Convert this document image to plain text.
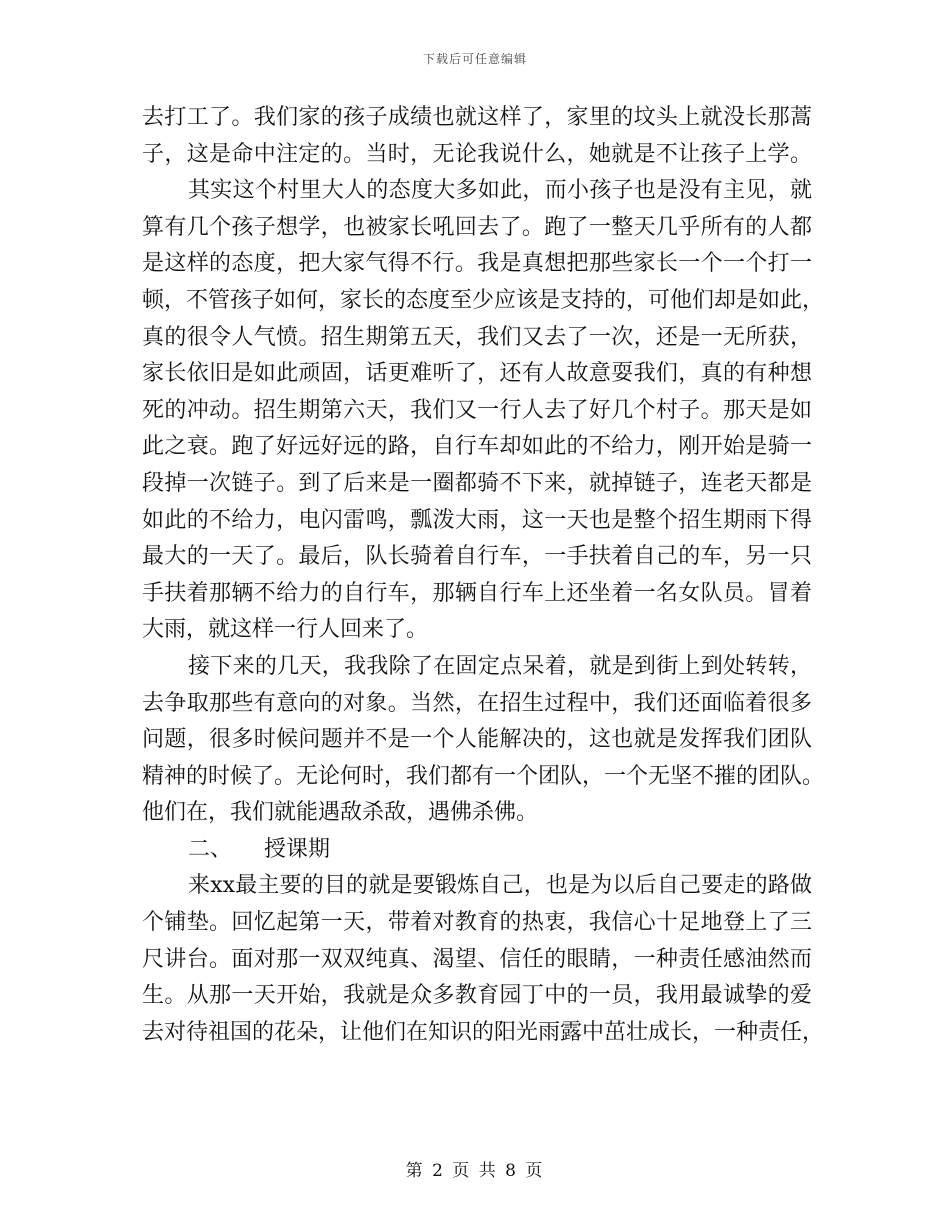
下载后可任意编辑
去打工了。我们家的孩子成绩也就这样了，家里的坟头上就没长那蒿
子，这是命中注定的。当时，无论我说什么，她就是不让孩子上学。
其实这个村里大人的态度大多如此，而小孩子也是没有主见，就
算有几个孩子想学，也被家长吼回去了。跑了一整天几乎所有的人都
是这样的态度，把大家气得不行。我是真想把那些家长一个一个打一
顿，不管孩子如何，家长的态度至少应该是支持的，可他们却是如此，
真的很令人气愤。招生期第五天，我们又去了一次，还是一无所获，
家长依旧是如此顽固，话更难听了，还有人故意耍我们，真的有种想
死的冲动。招生期第六天，我们又一行人去了好几个村子。那天是如
此之衰。跑了好远好远的路，自行车却如此的不给力，刚开始是骑一
段掉一次链子。到了后来是一圈都骑不下来，就掉链子，连老天都是
如此的不给力，电闪雷鸣，瓢泼大雨，这一天也是整个招生期雨下得
最大的一天了。最后，队长骑着自行车，一手扶着自己的车，另一只
手扶着那辆不给力的自行车，那辆自行车上还坐着一名女队员。冒着
大雨，就这样一行人回来了。
接下来的几天，我我除了在固定点呆着，就是到街上到处转转，
去争取那些有意向的对象。当然，在招生过程中，我们还面临着很多
问题，很多时候问题并不是一个人能解决的，这也就是发挥我们团队
精神的时候了。无论何时，我们都有一个团队，一个无坚不摧的团队。
他们在，我们就能遇敌杀敌，遇佛杀佛。
二、 授课期
来xx最主要的目的就是要锻炼自己，也是为以后自己要走的路做
个铺垫。回忆起第一天，带着对教育的热衷，我信心十足地登上了三
尺讲台。面对那一双双纯真、渴望、信任的眼睛，一种责任感油然而
生。从那一天开始，我就是众多教育园丁中的一员，我用最诚挚的爱
去对待祖国的花朵，让他们在知识的阳光雨露中茁壮成长，一种责任，
第 2 页 共 8 页
